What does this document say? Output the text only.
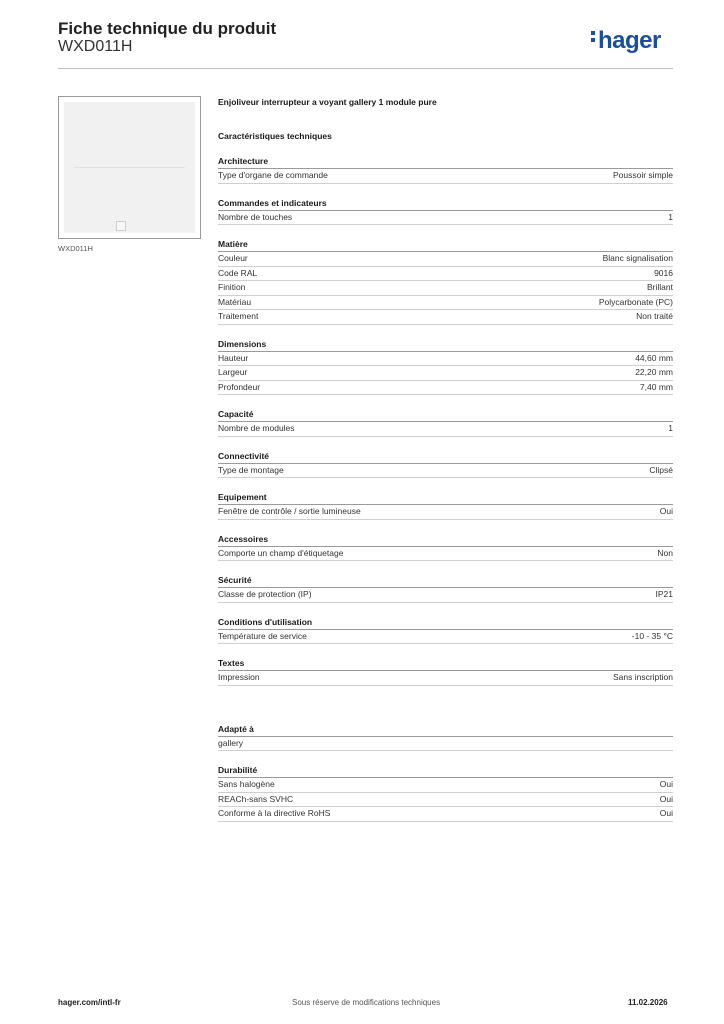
Fiche technique du produit
WXD011H	hager
WXD011H
Enjoliveur interrupteur a voyant gallery 1 module pure
Caractéristiques techniques
Architecture
Type d'organe de commande	Poussoir simple
Commandes et indicateurs
Nombre de touches	1
Matière
Couleur	Blanc signalisation
Code RAL	9016
Finition	Brillant
Matériau	Polycarbonate (PC)
Traitement	Non traité
Dimensions
Hauteur	44,60 mm
Largeur	22,20 mm
Profondeur	7,40 mm
Capacité
Nombre de modules	1
Connectivité
Type de montage	Clipsé
Equipement
Fenêtre de contrôle / sortie lumineuse	Oui
Accessoires
Comporte un champ d'étiquetage	Non
Sécurité
Classe de protection (IP)	IP21
Conditions d'utilisation
Température de service	-10 - 35 °C
Textes
Impression	Sans inscription
Adapté à
gallery
Durabilité
Sans halogène	Oui
REACh-sans SVHC	Oui
Conforme à la directive RoHS	Oui
hager.com/intl-fr	Sous réserve de modifications techniques	11.02.2026
